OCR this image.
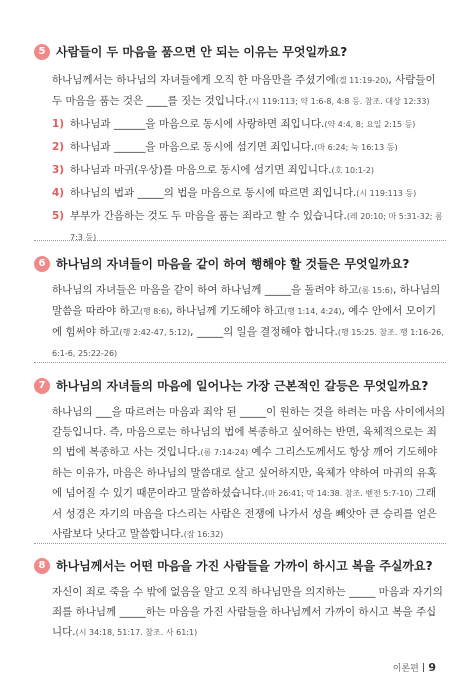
5 사람들이 두 마음을 품으면 안 되는 이유는 무엇일까요?

하나님께서는 하나님의 자녀들에게 오직 한 마음만을 주셨기에(겔 11:19-20), 사람들이 두 마음을 품는 것은 ____를 짓는 것입니다.(시 119:113; 약 1:6-8, 4:8 등. 참조. 대상 12:33)

1) 하나님과 ______을 마음으로 동시에 사랑하면 죄입니다.(약 4:4, 8; 요일 2:15 등)
2) 하나님과 ______을 마음으로 동시에 섬기면 죄입니다.(마 6:24; 눅 16:13 등)
3) 하나님과 마귀(우상)를 마음으로 동시에 섬기면 죄입니다.(호 10:1-2)
4) 하나님의 법과 _____의 법을 마음으로 동시에 따르면 죄입니다.(시 119:113 등)
5) 부부가 간음하는 것도 두 마음을 품는 죄라고 할 수 있습니다.(레 20:10; 마 5:31-32; 롬 7:3 등)
6 하나님의 자녀들이 마음을 같이 하여 행해야 할 것들은 무엇일까요?

하나님의 자녀들은 마음을 같이 하여 하나님께 _____을 돌려야 하고(롬 15:6), 하나님의 말씀을 따라야 하고(행 8:6), 하나님께 기도해야 하고(행 1:14, 4:24), 예수 안에서 모이기에 힘써야 하고(행 2:42-47, 5:12), _____의 일을 결정해야 합니다.(행 15:25. 참조. 행 1:16-26, 6:1-6, 25:22-26)

7 하나님의 자녀들의 마음에 일어나는 가장 근본적인 갈등은 무엇일까요?

하나님의 ___을 따르려는 마음과 죄악 된 _____이 원하는 것을 하려는 마음 사이에서의 갈등입니다. 즉, 마음으로는 하나님의 법에 복종하고 싶어하는 반면, 육체적으로는 죄의 법에 복종하고 사는 것입니다.(롬 7:14-24) 예수 그리스도께서도 항상 깨어 기도해야 하는 이유가, 마음은 하나님의 말씀대로 살고 싶어하지만, 육체가 약하여 마귀의 유혹에 넘어질 수 있기 때문이라고 말씀하셨습니다.(마 26:41; 막 14:38. 참조. 벧전 5:7-10) 그래서 성경은 자기의 마음을 다스리는 사람은 전쟁에 나가서 성을 빼앗아 큰 승리를 얻은 사람보다 낫다고 말씀합니다.(잠 16:32)

8 하나님께서는 어떤 마음을 가진 사람들을 가까이 하시고 복을 주실까요?

자신이 죄로 죽을 수 밖에 없음을 알고 오직 하나님만을 의지하는 _____ 마음과 자기의 죄를 하나님께 _____하는 마음을 가진 사람들을 하나님께서 가까이 하시고 복을 주십니다.(시 34:18, 51:17. 참조. 사 61:1)

이론편 9
